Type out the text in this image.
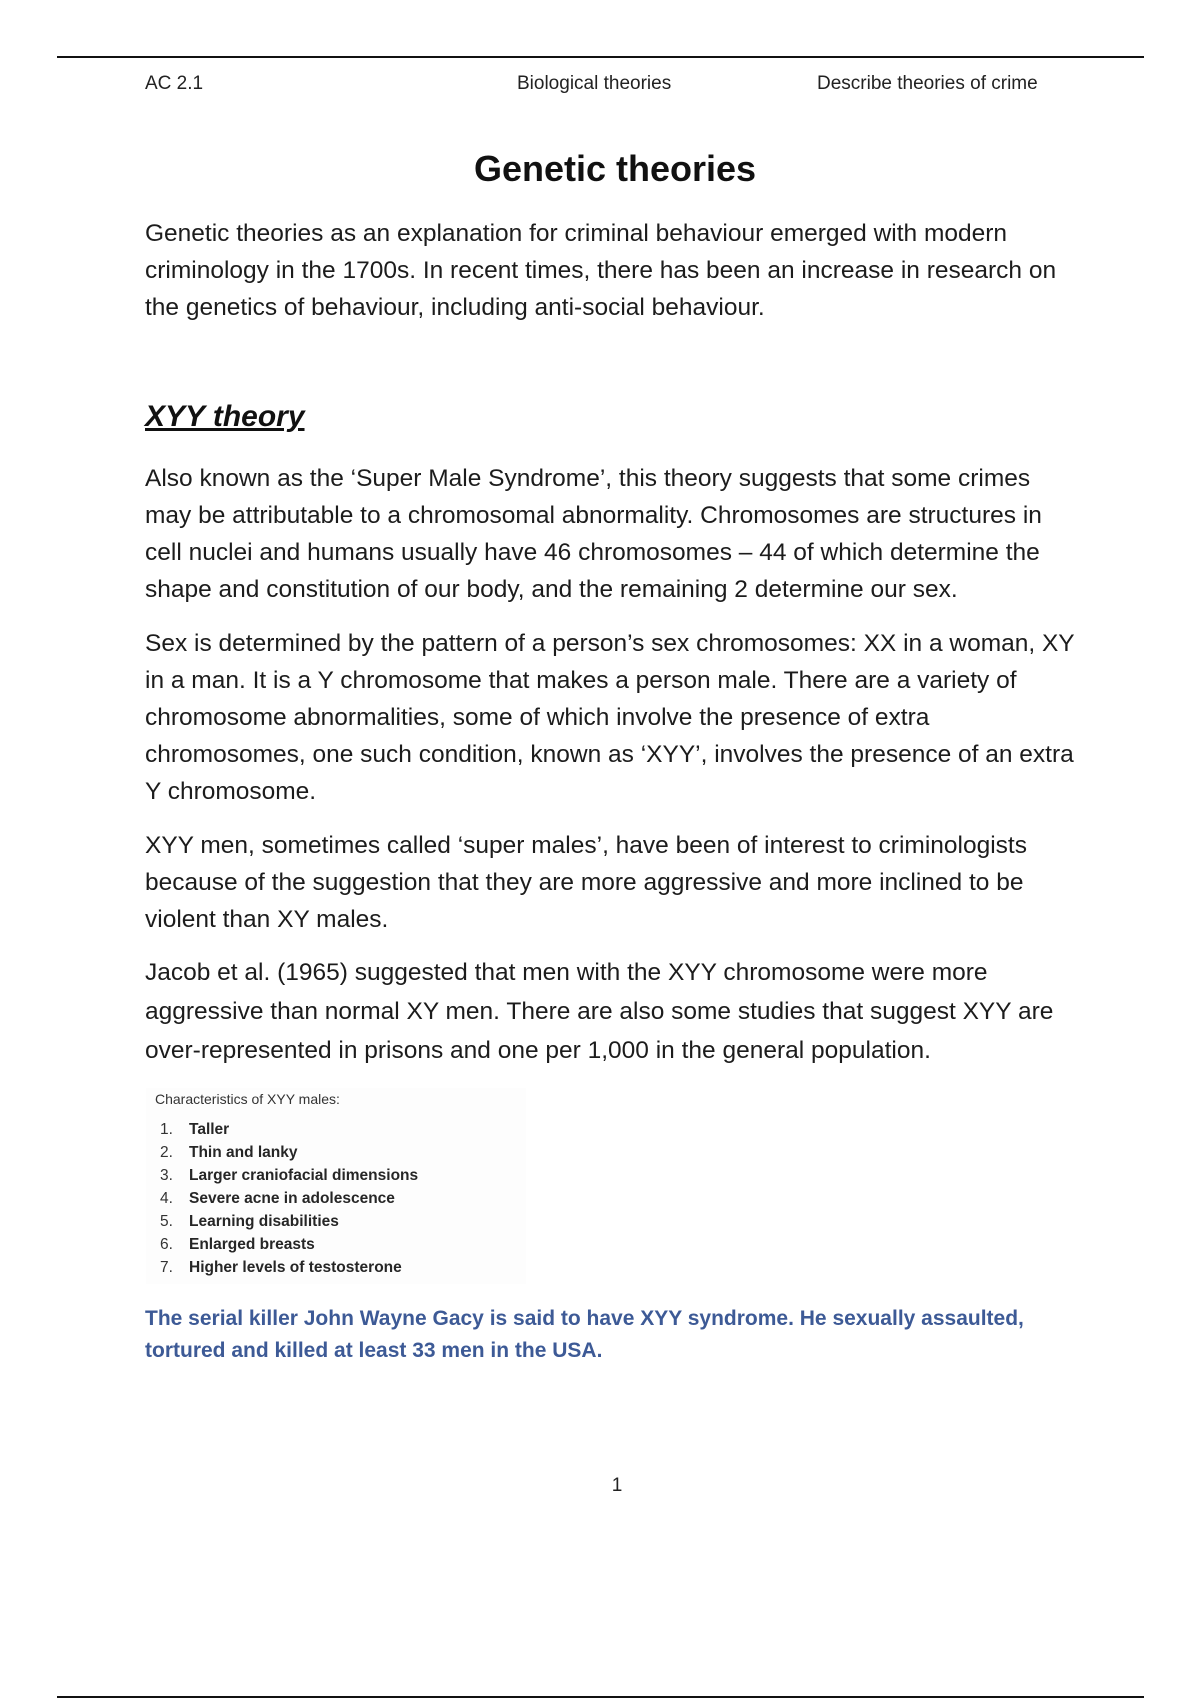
AC 2.1	Biological theories	Describe theories of crime
Genetic theories

Genetic theories as an explanation for criminal behaviour emerged with modern criminology in the 1700s. In recent times, there has been an increase in research on the genetics of behaviour, including anti-social behaviour.

XYY theory

Also known as the ‘Super Male Syndrome’, this theory suggests that some crimes may be attributable to a chromosomal abnormality. Chromosomes are structures in cell nuclei and humans usually have 46 chromosomes – 44 of which determine the shape and constitution of our body, and the remaining 2 determine our sex.

Sex is determined by the pattern of a person’s sex chromosomes: XX in a woman, XY in a man. It is a Y chromosome that makes a person male. There are a variety of chromosome abnormalities, some of which involve the presence of extra chromosomes, one such condition, known as ‘XYY’, involves the presence of an extra Y chromosome.

XYY men, sometimes called ‘super males’, have been of interest to criminologists because of the suggestion that they are more aggressive and more inclined to be violent than XY males.

Jacob et al. (1965) suggested that men with the XYY chromosome were more aggressive than normal XY men. There are also some studies that suggest XYY are over-represented in prisons and one per 1,000 in the general population.

Characteristics of XYY males:
1. Taller
2. Thin and lanky
3. Larger craniofacial dimensions
4. Severe acne in adolescence
5. Learning disabilities
6. Enlarged breasts
7. Higher levels of testosterone

The serial killer John Wayne Gacy is said to have XYY syndrome. He sexually assaulted, tortured and killed at least 33 men in the USA.

1
